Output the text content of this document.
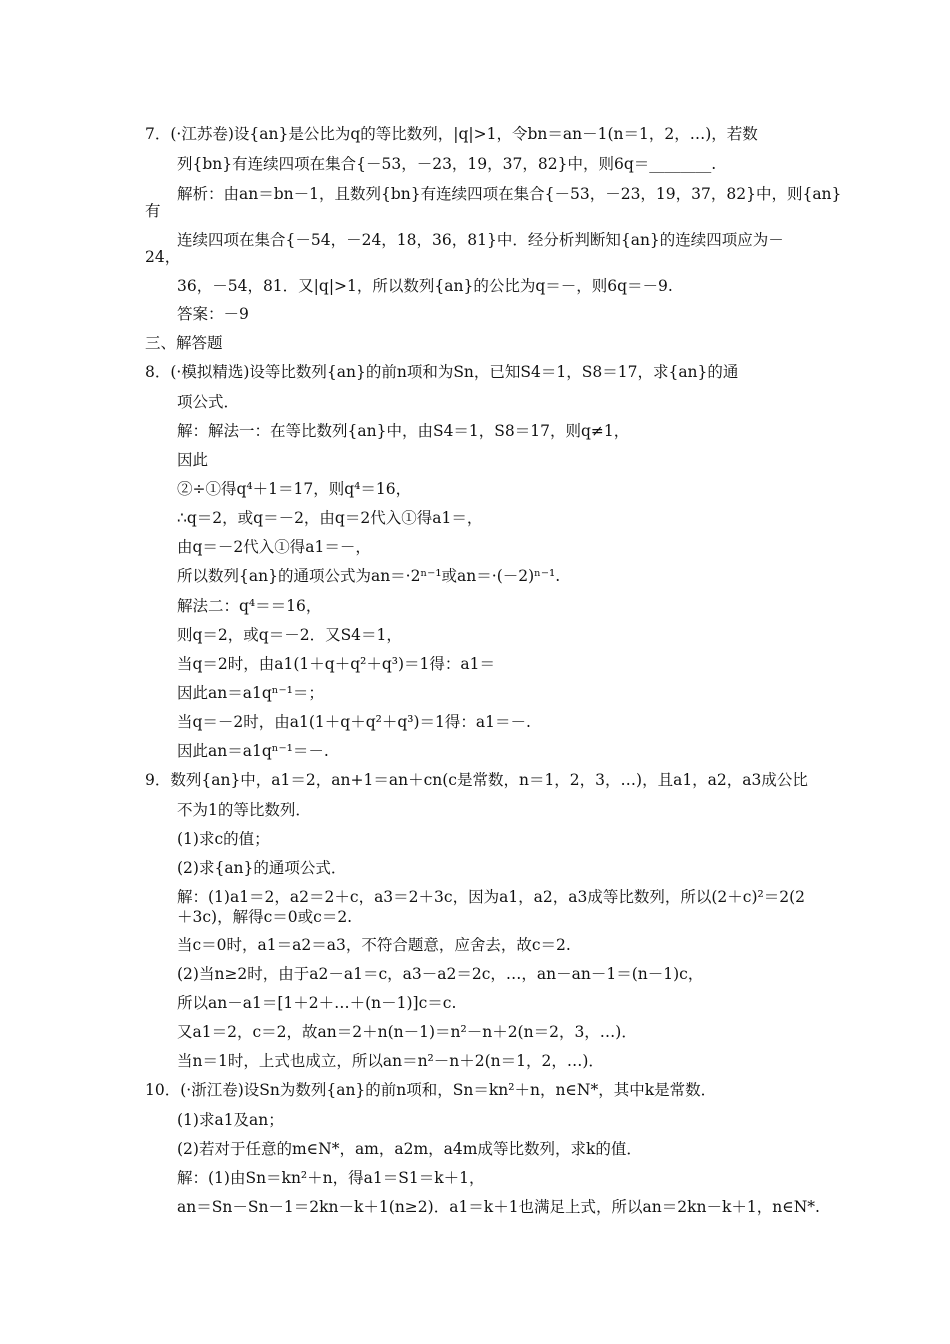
7．(·江苏卷)设{an}是公比为q的等比数列，|q|>1，令bn＝an－1(n＝1，2，…)，若数
列{bn}有连续四项在集合{－53，－23，19，37，82}中，则6q＝________.
解析：由an＝bn－1，且数列{bn}有连续四项在集合{－53，－23，19，37，82}中，则{an}
有
连续四项在集合{－54，－24，18，36，81}中．经分析判断知{an}的连续四项应为－
24，
36，－54，81．又|q|>1，所以数列{an}的公比为q＝－，则6q＝－9.
答案：－9
三、解答题
8．(·模拟精选)设等比数列{an}的前n项和为Sn，已知S4＝1，S8＝17，求{an}的通
项公式．
解：解法一：在等比数列{an}中，由S4＝1，S8＝17，则q≠1，
因此
②÷①得q⁴＋1＝17，则q⁴＝16，
∴q＝2，或q＝－2，由q＝2代入①得a1＝，
由q＝－2代入①得a1＝－，
所以数列{an}的通项公式为an＝·2ⁿ⁻¹或an＝·(－2)ⁿ⁻¹.
解法二：q⁴＝＝16，
则q＝2，或q＝－2．又S4＝1，
当q＝2时，由a1(1＋q＋q²＋q³)＝1得：a1＝
因此an＝a1qⁿ⁻¹＝；
当q＝－2时，由a1(1＋q＋q²＋q³)＝1得：a1＝－.
因此an＝a1qⁿ⁻¹＝－.
9．数列{an}中，a1＝2，an+1＝an＋cn(c是常数，n＝1，2，3，…)，且a1，a2，a3成公比
不为1的等比数列．
(1)求c的值；
(2)求{an}的通项公式．
解：(1)a1＝2，a2＝2＋c，a3＝2＋3c，因为a1，a2，a3成等比数列，所以(2＋c)²＝2(2
＋3c)，解得c＝0或c＝2.
当c＝0时，a1＝a2＝a3，不符合题意，应舍去，故c＝2.
(2)当n≥2时，由于a2－a1＝c，a3－a2＝2c，…，an－an－1＝(n－1)c，
所以an－a1＝[1＋2＋…＋(n－1)]c＝c.
又a1＝2，c＝2，故an＝2＋n(n－1)＝n²－n＋2(n＝2，3，…)．
当n＝1时，上式也成立，所以an＝n²－n＋2(n＝1，2，…)．
10．(·浙江卷)设Sn为数列{an}的前n项和，Sn＝kn²＋n，n∈N*，其中k是常数．
(1)求a1及an；
(2)若对于任意的m∈N*，am，a2m，a4m成等比数列，求k的值．
解：(1)由Sn＝kn²＋n，得a1＝S1＝k＋1，
an＝Sn－Sn－1＝2kn－k＋1(n≥2)．a1＝k＋1也满足上式，所以an＝2kn－k＋1，n∈N*.
